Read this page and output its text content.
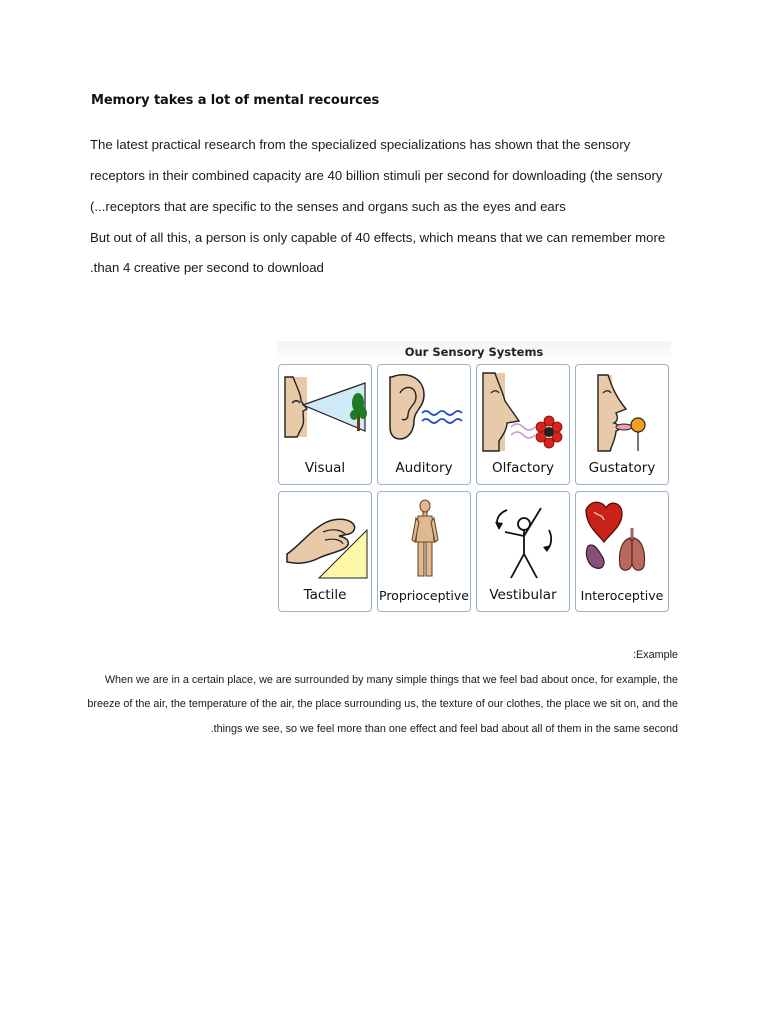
Memory takes a lot of mental recources
The latest practical research from the specialized specializations has shown that the sensory
receptors in their combined capacity are 40 billion stimuli per second for downloading (the sensory
(...receptors that are specific to the senses and organs such as the eyes and ears
But out of all this, a person is only capable of 40 effects, which means that we can remember more
.than 4 creative per second to download
Our Sensory Systems
Visual	Auditory	Olfactory	Gustatory
Tactile	Proprioceptive	Vestibular	Interoceptive
:Example
When we are in a certain place, we are surrounded by many simple things that we feel bad about once, for example, the
breeze of the air, the temperature of the air, the place surrounding us, the texture of our clothes, the place we sit on, and the
.things we see, so we feel more than one effect and feel bad about all of them in the same second
